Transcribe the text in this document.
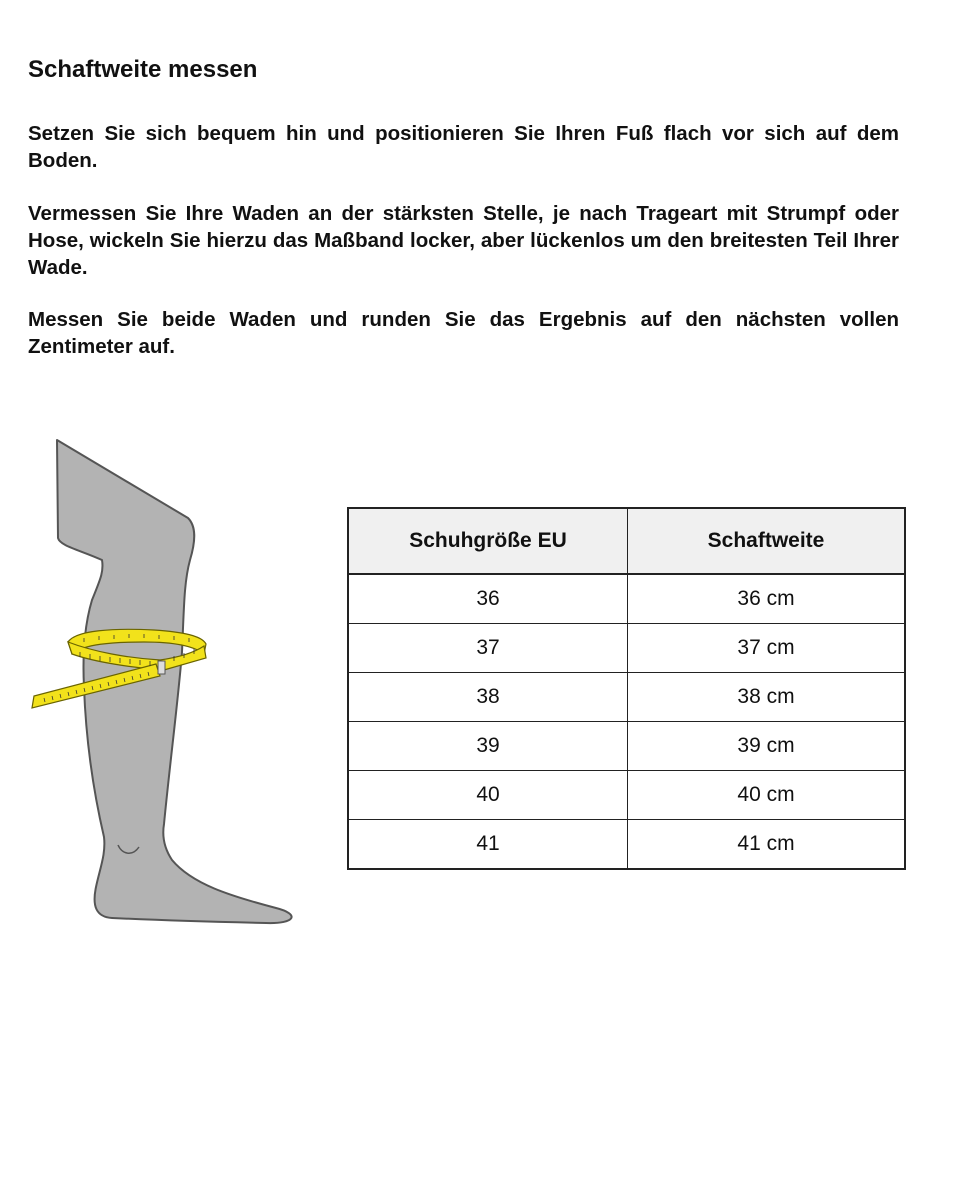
Schaftweite messen

Setzen Sie sich bequem hin und positionieren Sie Ihren Fuß flach vor sich auf dem Boden.

Vermessen Sie Ihre Waden an der stärksten Stelle, je nach Trageart mit Strumpf oder Hose, wickeln Sie hierzu das Maßband locker, aber lückenlos um den breitesten Teil Ihrer Wade.

Messen Sie beide Waden und runden Sie das Ergebnis auf den nächsten vollen Zentimeter auf.

Schuhgröße EU	Schaftweite
36	36 cm
37	37 cm
38	38 cm
39	39 cm
40	40 cm
41	41 cm
